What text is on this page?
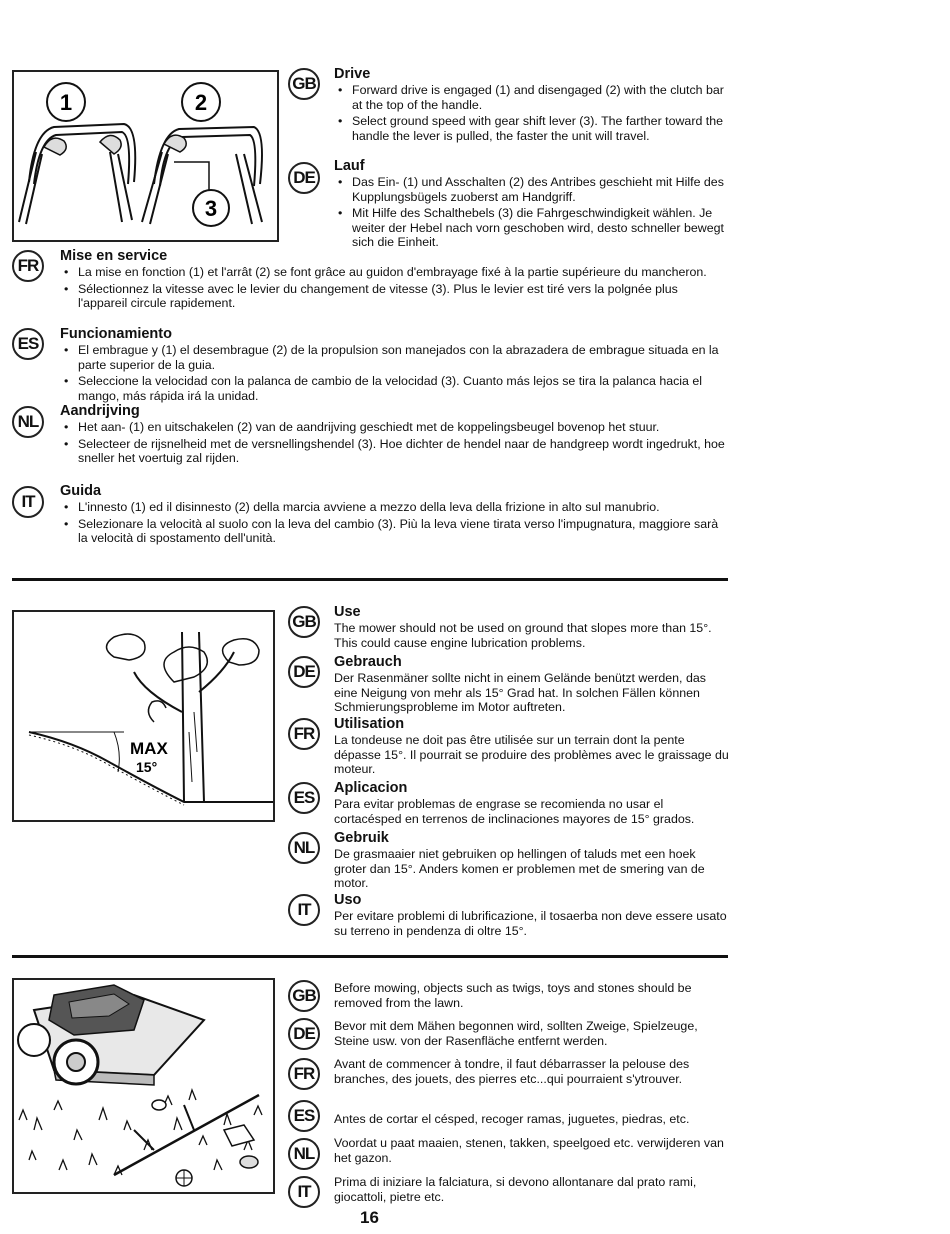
1	2
3
GB Drive
• Forward drive is engaged (1) and disengaged (2) with the clutch bar at the top of the handle.
• Select ground speed with gear shift lever (3). The farther toward the handle the lever is pulled, the faster the unit will travel.
DE
Lauf
• Das Ein- (1) und Asschalten (2) des Antribes geschieht mit Hilfe des Kupplungsbügels zuoberst am Handgriff.
• Mit Hilfe des Schalthebels (3) die Fahrgeschwindigkeit wählen. Je weiter der Hebel nach vorn geschoben wird, desto schneller bewegt sich die Einheit.
FR	Mise en service
• La mise en fonction (1) et l'arrât (2) se font grâce au guidon d'embrayage fixé à la partie supérieure du mancheron.
• Sélectionnez la vitesse avec le levier du changement de vitesse (3). Plus le levier est tiré vers la polgnée plus l'appareil circule rapidement.
ES	Funcionamiento
• El embrague y (1) el desembrague (2) de la propulsion son manejados con la abrazadera de embrague situada en la parte superior de la guia.
• Seleccione la velocidad con la palanca de cambio de la velocidad (3). Cuanto más lejos se tira la palanca hacia el mango, más rápida irá la unidad.
NL
Aandrijving
• Het aan- (1) en uitschakelen (2) van de aandrijving geschiedt met de koppelingsbeugel bovenop het stuur.
• Selecteer de rijsnelheid met de versnellingshendel (3). Hoe dichter de hendel naar de handgreep wordt ingedrukt, hoe sneller het voertuig zal rijden.
IT
Guida
• L'innesto (1) ed il disinnesto (2) della marcia avviene a mezzo della leva della frizione in alto sul manubrio.
• Selezionare la velocità al suolo con la leva del cambio (3). Più la leva viene tirata verso l'impugnatura, maggiore sarà la velocità di spostamento dell'unità.
MAX
15°
GB Use

The mower should not be used on ground that slopes more than 15°. This could cause engine lubrication problems.

DE	Gebrauch

Der Rasenmäner sollte nicht in einem Gelände benützt werden, das eine Neigung von mehr als 15° Grad hat. In solchen Fällen können Schmierungsprobleme im Motor auftreten.

FR	Utilisation

La tondeuse ne doit pas être utilisée sur un terrain dont la pente dépasse 15°. Il pourrait se produire des problèmes avec le graissage du moteur.

ES	Aplicacion

Para evitar problemas de engrase se recomienda no usar el cortacésped en terrenos de inclinaciones mayores de 15° grados.

NL	Gebruik

De grasmaaier niet gebruiken op hellingen of taluds met een hoek groter dan 15°. Anders komen er problemen met de smering van de motor.

IT	Uso

Per evitare problemi di lubrificazione, il tosaerba non deve essere usato su terreno in pendenza di oltre 15°.

GB	Before mowing, objects such as twigs, toys and stones should be removed from the lawn.

DE	Bevor mit dem Mähen begonnen wird, sollten Zweige, Spielzeuge, Steine usw. von der Rasenfläche entfernt werden.

FR	Avant de commencer à tondre, il faut débarrasser la pelouse des branches, des jouets, des pierres etc...qui pourraient s'ytrouver.

ES	Antes de cortar el césped, recoger ramas, juguetes, piedras, etc.

NL

Voordat u paat maaien, stenen, takken, speelgoed etc. verwijderen van het gazon.

IT	Prima di iniziare la falciatura, si devono allontanare dal prato rami, giocattoli, pietre etc.

16
